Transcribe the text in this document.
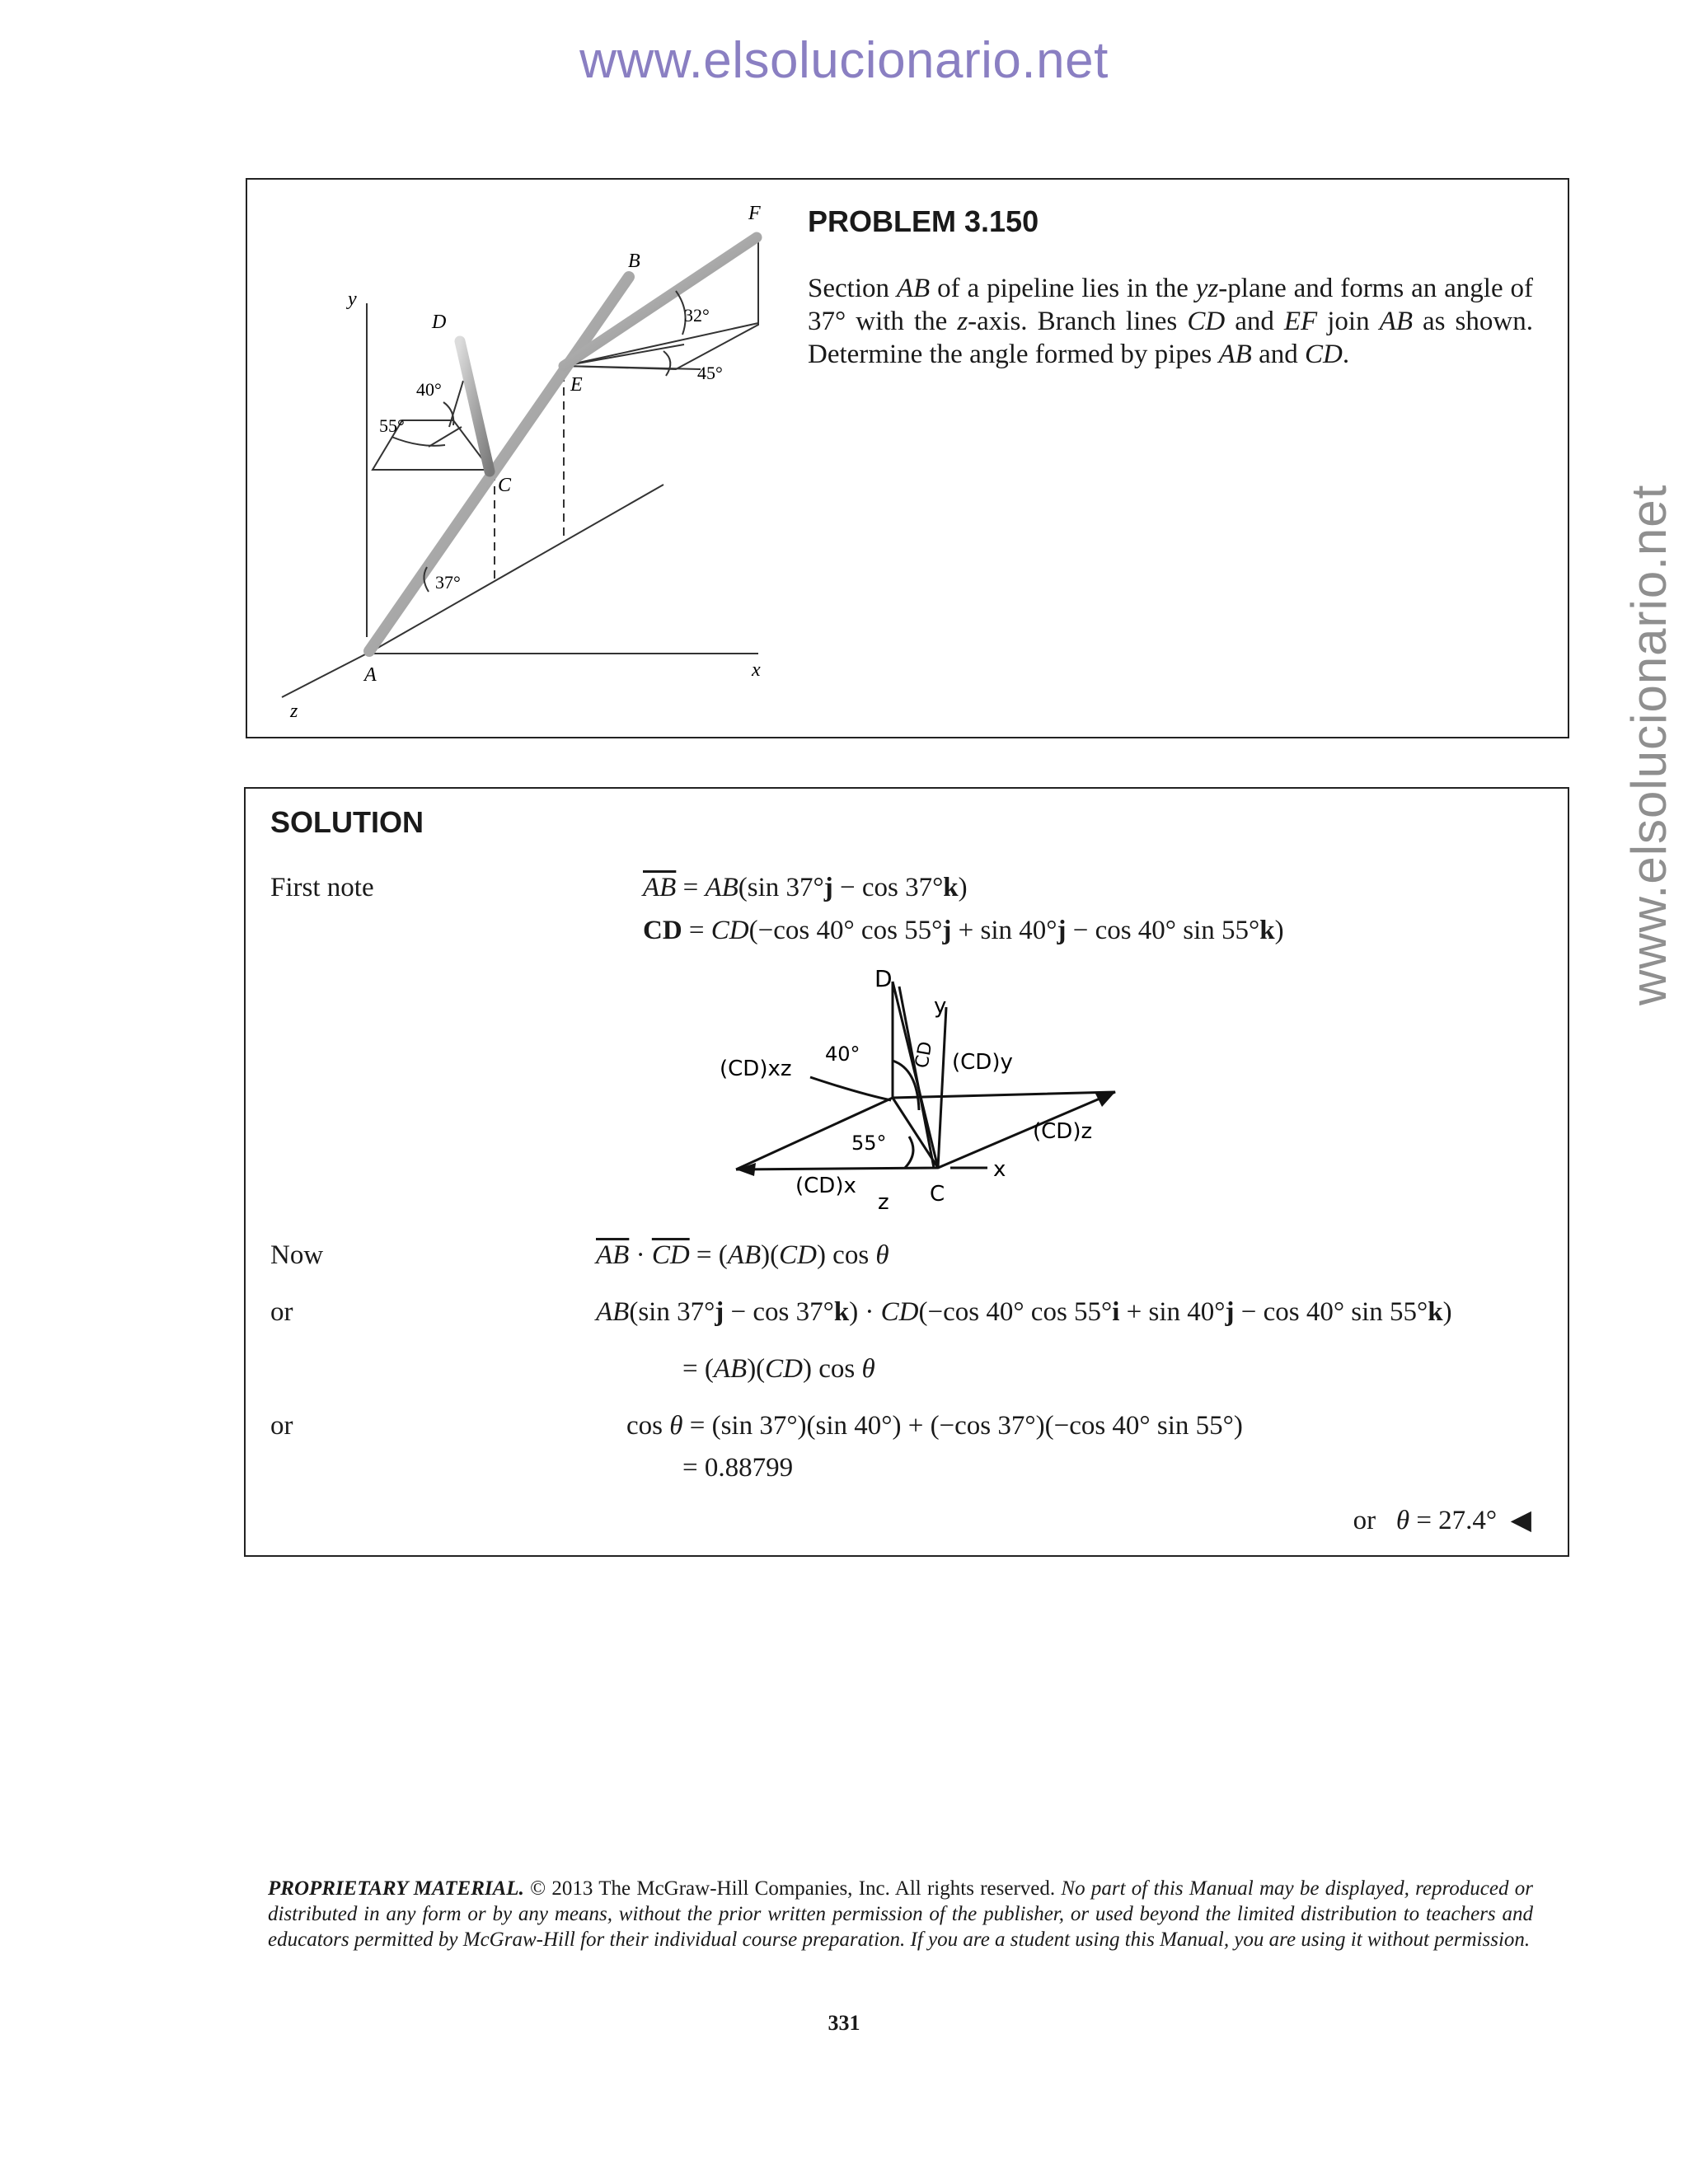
www.elsolucionario.net
www.elsolucionario.net
y
x
z
A
B
C
D
E
F
37°
40°
55°
32°
45°
PROBLEM 3.150
Section AB of a pipeline lies in the yz-plane and forms an angle of 37° with the z-axis. Branch lines CD and EF join AB as shown. Determine the angle formed by pipes AB and CD.
SOLUTION
First note	$\overline{AB} = AB(\sin$ 37°j − cos 37°k)
CD = CD(−cos 40° cos 55°j + sin 40°j − cos 40° sin 55°k)
D
y
40°	CD (CD)y
(CD)xz
55°	(CD)z
(CD)x	C
x
z
Now	$\overline{AB} \cdot \overline{CD} = (AB)(CD)$ cos θ
or	AB(sin 37°j − cos 37°k) · CD(−cos 40° cos 55°i + sin 40°j − cos 40° sin 55°k)
= (AB)(CD) cos θ
or	cos θ = (sin 37°)(sin 40°) + (−cos 37°)(−cos 40° sin 55°)
= 0.88799
or   θ = 27.4°  ◀
PROPRIETARY MATERIAL. © 2013 The McGraw-Hill Companies, Inc. All rights reserved. No part of this Manual may be displayed, reproduced or distributed in any form or by any means, without the prior written permission of the publisher, or used beyond the limited distribution to teachers and educators permitted by McGraw-Hill for their individual course preparation. If you are a student using this Manual, you are using it without permission.
331
